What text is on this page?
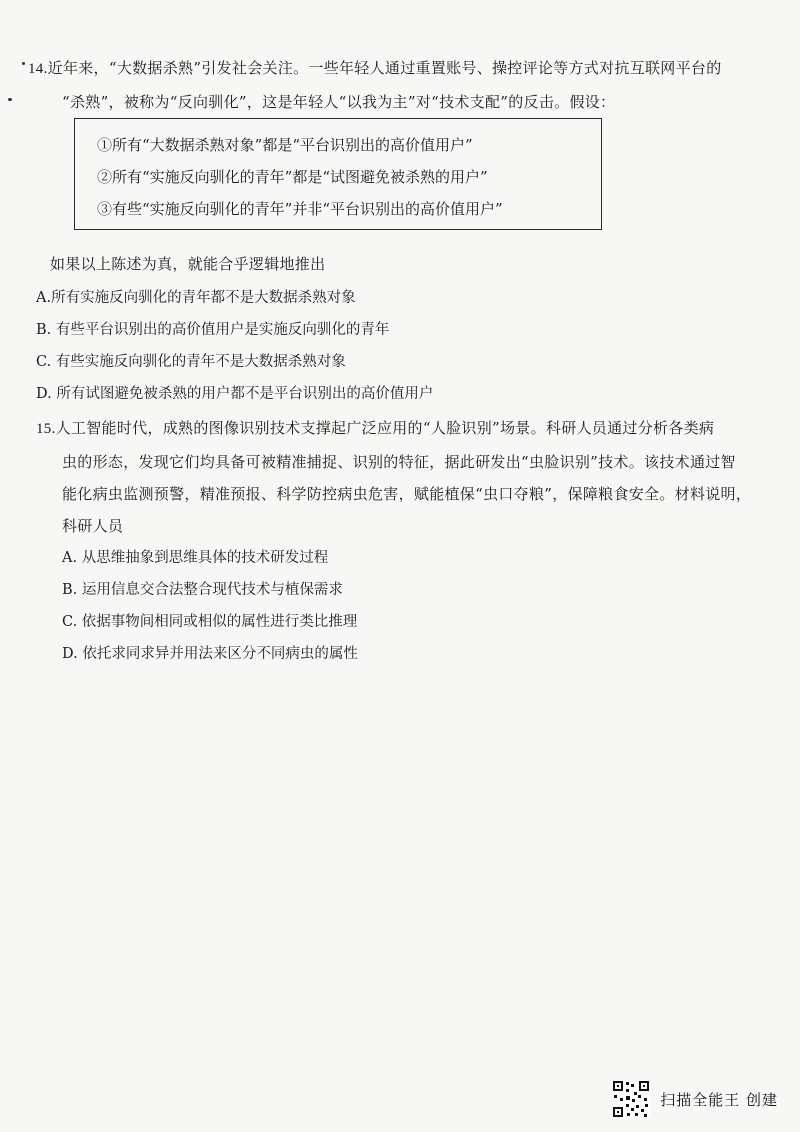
14.近年来，“大数据杀熟”引发社会关注。一些年轻人通过重置账号、操控评论等方式对抗互联网平台的
“杀熟”，被称为“反向驯化”，这是年轻人“以我为主”对“技术支配”的反击。假设：
①所有“大数据杀熟对象”都是“平台识别出的高价值用户”
②所有“实施反向驯化的青年”都是“试图避免被杀熟的用户”
③有些“实施反向驯化的青年”并非“平台识别出的高价值用户”
如果以上陈述为真，就能合乎逻辑地推出
A.所有实施反向驯化的青年都不是大数据杀熟对象
B. 有些平台识别出的高价值用户是实施反向驯化的青年
C. 有些实施反向驯化的青年不是大数据杀熟对象
D. 所有试图避免被杀熟的用户都不是平台识别出的高价值用户
15.人工智能时代，成熟的图像识别技术支撑起广泛应用的“人脸识别”场景。科研人员通过分析各类病
虫的形态，发现它们均具备可被精准捕捉、识别的特征，据此研发出“虫脸识别”技术。该技术通过智
能化病虫监测预警，精准预报、科学防控病虫危害，赋能植保“虫口夺粮”，保障粮食安全。材料说明，
科研人员
A. 从思维抽象到思维具体的技术研发过程
B. 运用信息交合法整合现代技术与植保需求
C. 依据事物间相同或相似的属性进行类比推理
D. 依托求同求异并用法来区分不同病虫的属性
扫描全能王 创建
